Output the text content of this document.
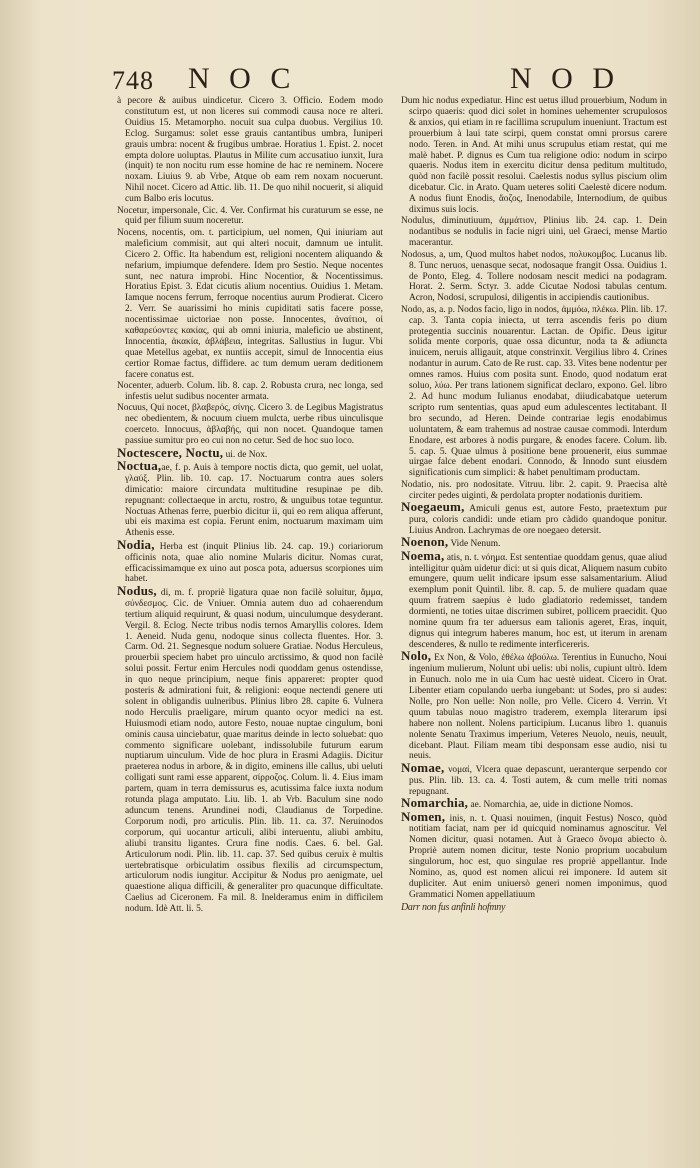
748 N O C	N O D

à pecore & auibus uindicetur. Cicero 3. Officio. Eodem modo constitutum est, ut non liceres sui commodi causa noce re alteri. Ouidius 15. Metamorpho. nocuit sua culpa duobus. Vergilius 10. Eclog. Surgamus: solet esse grauis cantantibus umbra, Iuniperi grauis umbra: nocent & frugibus umbrae. Horatius 1. Epist. 2. nocet empta dolore uoluptas. Plautus in Milite cum accusatiuo iunxit, Iura (inquit) te non nocitu rum esse homine de hac re neminem. Nocere noxam. Liuius 9. ab Vrbe, Atque ob eam rem noxam nocuerunt. Nihil nocet. Cicero ad Attic. lib. 11. De quo nihil nocuerit, si aliquid cum Balbo eris locutus.

Nocetur, impersonale, Cic. 4. Ver. Confirmat his curaturum se esse, ne quid per filium suum noceretur.

Nocens, nocentis, om. t. participium, uel nomen, Qui iniuriam aut maleficium commisit, aut qui alteri nocuit, damnum ue intulit. Cicero 2. Offic. Ita habendum est, religioni nocentem aliquando & nefarium, impiumque defendere. Idem pro Sestio. Neque nocentes sunt, nec natura improbi. Hinc Nocentior, & Nocentissimus. Horatius Epist. 3. Edat cicutis alium nocentius. Ouidius 1. Metam. Iamque nocens ferrum, ferroque nocentius aurum Prodierat. Cicero 2. Verr. Se auarissimi ho minis cupiditati satis facere posse, nocentissimae uictoriae non posse. Innocentes, ἀναίτιοι, οἱ καθαρεύοντες κακίας, qui ab omni iniuria, maleficio ue abstinent, Innocentia, ἀκακία, ἀβλάβεια, integritas. Sallustius in Iugur. Vbi quae Metellus agebat, ex nuntiis accepit, simul de Innocentia eius certior Romae factus, diffidere. ac tum demum ueram deditionem facere conatus est.

Nocenter, aduerb. Colum. lib. 8. cap. 2. Robusta crura, nec longa, sed infestis uelut sudibus nocenter armata.

Nocuus, Qui nocet, βλαβερός, σίνης. Cicero 3. de Legibus Magistratus nec obedientem, & nocuum ciuem mulcta, uerbe ribus uinculisque coerceto. Innocuus, ἀβλαβής, qui non nocet. Quandoque tamen passiue sumitur pro eo cui non no cetur. Sed de hoc suo loco.

Noctescere, Noctu, ui. de Nox.

Noctua,ae, f. p. Auis à tempore noctis dicta, quo gemit, uel uolat, γλαύξ. Plin. lib. 10. cap. 17. Noctuarum contra aues solers dimicatio: maiore circundata multitudine resupinae pe dib. repugnant: collectaeque in arctu, rostro, & unguibus totae teguntur. Noctuas Athenas ferre, puerbio dicitur ii, qui eo rem aliqua afferunt, ubi eis maxima est copia. Ferunt enim, noctuarum maximam uim Athenis esse.

Nodia, Herba est (inquit Plinius lib. 24. cap. 19.) coriariorum officinis nota, quae alio nomine Mularis dicitur. Nomas curat, efficacissimamque ex uino aut posca pota, aduersus scorpiones uim habet.

Nodus, di, m. f. propriè ligatura quae non facilè soluitur, ἅμμα, σύνδεσμος. Cic. de Vniuer. Omnia autem duo ad cohaerendum tertium aliquid requirunt, & quasi nodum, uinculumque desyderant. Vergil. 8. Eclog. Necte tribus nodis ternos Amaryllis colores. Idem 1. Aeneid. Nuda genu, nodoque sinus collecta fluentes. Hor. 3. Carm. Od. 21. Segnesque nodum soluere Gratiae. Nodus Herculeus, prouerbii speciem habet pro uinculo arctissimo, & quod non facilè solui possit. Fertur enim Hercules nodi quoddam genus ostendisse, in quo neque principium, neque finis appareret: propter quod posteris & admirationi fuit, & religioni: eoque nectendi genere uti solent in obligandis uulneribus. Plinius libro 28. capite 6. Vulnera nodo Herculis praeligare, mirum quanto ocyor medici na est. Huiusmodi etiam nodo, autore Festo, nouae nuptae cingulum, boni ominis causa uinciebatur, quae maritus deinde in lecto soluebat: quo commento significare uolebant, indissolubile futurum earum nuptiarum uinculum. Vide de hoc plura in Erasmi Adagiis. Dicitur praeterea nodus in arbore, & in digito, eminens ille callus, ubi ueluti colligati sunt rami esse apparent, σίρροζος. Colum. li. 4. Eius imam partem, quam in terra demissurus es, acutissima falce iuxta nodum rotunda plaga amputato. Liu. lib. 1. ab Vrb. Baculum sine nodo aduncum tenens. Arundinei nodi, Claudianus de Torpedine. Corporum nodi, pro articulis. Plin. lib. 11. ca. 37. Neruinodos corporum, qui uocantur articuli, alibi interuentu, aliubi ambitu, aliubi transitu ligantes. Crura fine nodis. Caes. 6. bel. Gal. Articulorum nodi. Plin. lib. 11. cap. 37. Sed quibus ceruix è multis uertebratisque orbiculatim ossibus flexilis ad circumspectum, articulorum nodis iungitur. Accipitur & Nodus pro aenigmate, uel quaestione aliqua difficili, & generaliter pro quacunque difficultate. Caelius ad Ciceronem. Fa mil. 8. Inelderamus enim in difficilem nodum. Idè Att. li. 5.

Dum hic nodus expediatur. Hinc est uetus illud prouerbium, Nodum in scirpo quaeris: quod dici solet in homines uehementer scrupulosos & anxios, qui etiam in re facillima scrupulum inueniunt. Tractum est prouerbium à laui tate scirpi, quem constat omni prorsus carere nodo. Teren. in And. At mihi unus scrupulus etiam restat, qui me malè habet. P. dignus es Cum tua religione odio: nodum in scirpo quaeris. Nodus item in exercitu dicitur densa peditum multitudo, quòd non facilè possit resolui. Caelestis nodus syllus piscium olim dicebatur. Cic. in Arato. Quam ueteres soliti Caelestè dicere nodum. A nodus fiunt Enodis, ἄοζος, Inenodabile, Internodium, de quibus diximus suis locis.

Nodulus, diminutiuum, ἀμμάτιον, Plinius lib. 24. cap. 1. Dein nodantibus se nodulis in facie nigri uini, uel Graeci, mense Martio macerantur.

Nodosus, a, um, Quod multos habet nodos, πολυκομβος. Lucanus lib. 8. Tunc neruos, uenasque secat, nodosaque frangit Ossa. Ouidius 1. de Ponto, Eleg. 4. Tollere nodosam nescit medici na podagram. Horat. 2. Serm. Sctyr. 3. adde Cicutae Nodosi tabulas centum. Acron, Nodosi, scrupulosi, diligentis in accipiendis cautionibus.

Nodo, as, a. p. Nodos facio, ligo in nodos, ἀμμόω, πλέκω. Plin. lib. 17. cap. 3. Tanta copia iniecta, ut terra ascendis feris po dium protegentia succinis nouarentur. Lactan. de Opific. Deus igitur solida mente corporis, quae ossa dicuntur, noda ta & adiuncta inuicem, neruis alligauit, atque constrinxit. Vergilius libro 4. Crines nodantur in aurum. Cato de Re rust. cap. 33. Vites bene nodentur per omnes ramos. Huius com posita sunt. Enodo, quod nodatum erat soluo, λύω. Per trans lationem significat declaro, expono. Gel. libro 2. Ad hunc modum Iulianus enodabat, diiudicabatque ueterum scripto rum sententias, quas apud eum adulescentes lectitabant. Il bro secundo, ad Heren. Deinde contrariae legis enodabimus uoluntatem, & eam trahemus ad nostrae causae commodi. Interdum Enodare, est arbores à nodis purgare, & enodes facere. Colum. lib. 5. cap. 5. Quae ulmus à positione bene prouenerit, eius summae uirgae falce debent enodari. Connodo, & Innodo sunt eiusdem significationis cum simplici: & habet penultimam productam.

Nodatio, nis. pro nodositate. Vitruu. libr. 2. capit. 9. Praecisa altè circiter pedes uiginti, & perdolata propter nodationis duritiem.

Noegaeum, Amiculi genus est, autore Festo, praetextum pur pura, coloris candidi: unde etiam pro càdido quandoque ponitur. Liuius Andron. Lachrymas de ore noegaeo detersit.

Noenon, Vide Nenum.

Noema, atis, n. t. νόημα. Est sententiae quoddam genus, quae aliud intelligitur quàm uidetur dici: ut si quis dicat, Aliquem nasum cubito emungere, quum uelit indicare ipsum esse salsamentarium. Aliud exemplum ponit Quintil. libr. 8. cap. 5. de muliere quadam quae quum fratrem saepius è ludo gladiatorio redemisset, tandem dormienti, ne toties uitae discrimen subiret, pollicem praecidit. Quo nomine quum fra ter aduersus eam talionis ageret, Eras, inquit, dignus qui integrum haberes manum, hoc est, ut iterum in arenam descenderes, & nullo te redimente interficereris.

Nolo, Ex Non, & Volo, ἐθέλω ἀβούλω. Terentius in Eunucho, Noui ingenium mulierum, Nolunt ubi uelis: ubi nolis, cupiunt ultrò. Idem in Eunuch. nolo me in uia Cum hac uestè uideat. Cicero in Orat. Libenter etiam copulando uerba iungebant: ut Sodes, pro si audes: Nolle, pro Non uelle: Non nolle, pro Velle. Cicero 4. Verrin. Vt quum tabulas nouo magistro traderem, exempla literarum ipsi habere non nollent. Nolens participium. Lucanus libro 1. quanuis nolente Senatu Traximus imperium, Veteres Neuolo, neuis, neuult, dicebant. Plaut. Filiam meam tibi desponsam esse audio, nisi tu neuis.

Nomae, νομαί, Vlcera quae depascunt, ueranterque serpendo cor pus. Plin. lib. 13. ca. 4. Tosti autem, & cum melle triti nomas repugnant.

Nomarchia, ae. Nomarchia, ae, uide in dictione Nomos.

Nomen, inis, n. t. Quasi nouimen, (inquit Festus) Nosco, quòd notitiam faciat, nam per id quicquid nominamus agnoscitur. Vel Nomen dicitur, quasi notamen. Aut à Graeco ὄνομα abiecto ò. Propriè autem nomen dicitur, teste Nonio proprium uocabulum singulorum, hoc est, quo singulae res propriè appellantur. Inde Nomino, as, quod est nomen alicui rei imponere. Id autem sit dupliciter. Aut enim uniuersò generi nomen imponimus, quod Grammatici Nomen appellatiuum

Darr non fus anfinli hofmny
